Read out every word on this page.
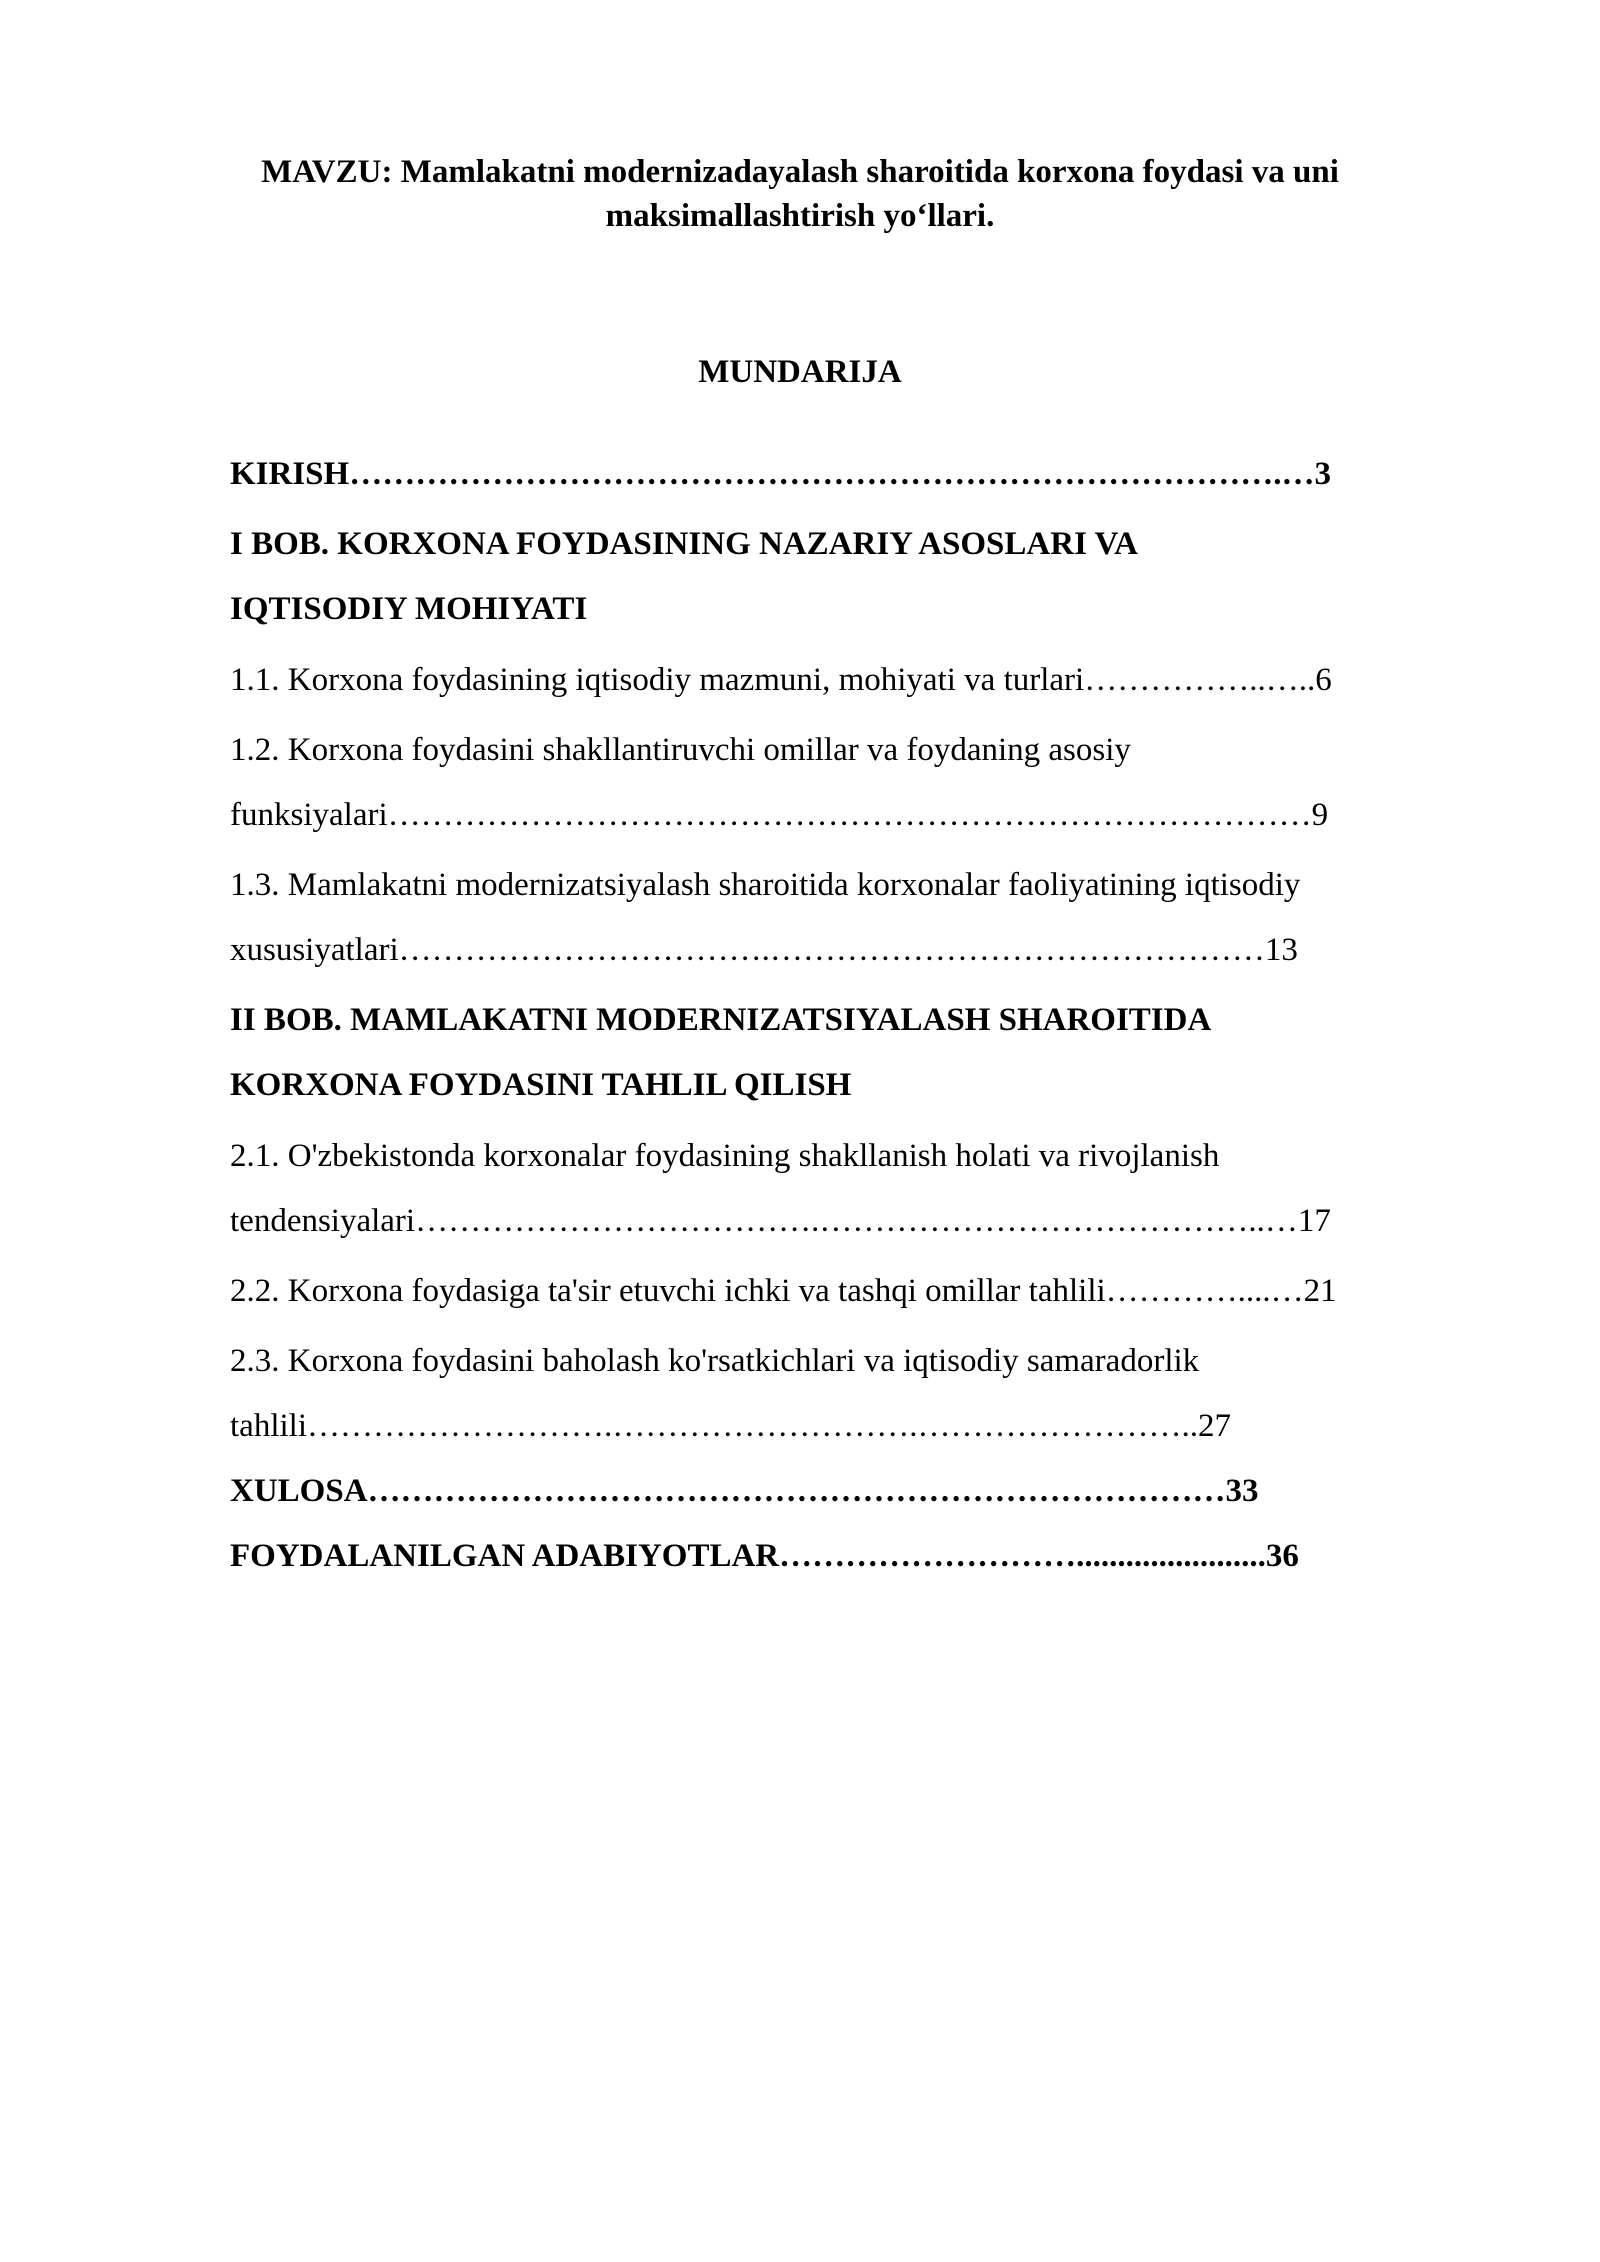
MAVZU: Mamlakatni modernizadayalash sharoitida korxona foydasi va uni
maksimallashtirish yo‘llari.
MUNDARIJA
KIRISH………………………………………………………………………….…3
I BOB. KORXONA FOYDASINING NAZARIY ASOSLARI VA
IQTISODIY MOHIYATI
1.1. Korxona foydasining iqtisodiy mazmuni, mohiyati va turlari……………..…..6
1.2. Korxona foydasini shakllantiruvchi omillar va foydaning asosiy
funksiyalari…………………………………………………………………………9
1.3. Mamlakatni modernizatsiyalash sharoitida korxonalar faoliyatining iqtisodiy
xususiyatlari…………………………….………………………………………13
II BOB. MAMLAKATNI MODERNIZATSIYALASH SHAROITIDA
KORXONA FOYDASINI TAHLIL QILISH
2.1. O'zbekistonda korxonalar foydasining shakllanish holati va rivojlanish
tendensiyalari……………………………….…………………………………..…17
2.2. Korxona foydasiga ta'sir etuvchi ichki va tashqi omillar tahlili…………....…21
2.3. Korxona foydasini baholash ko'rsatkichlari va iqtisodiy samaradorlik
tahlili……………………….……………………….……………………..27
XULOSA……………………………………………………………………33
FOYDALANILGAN ADABIYOTLAR……………………….......................36
